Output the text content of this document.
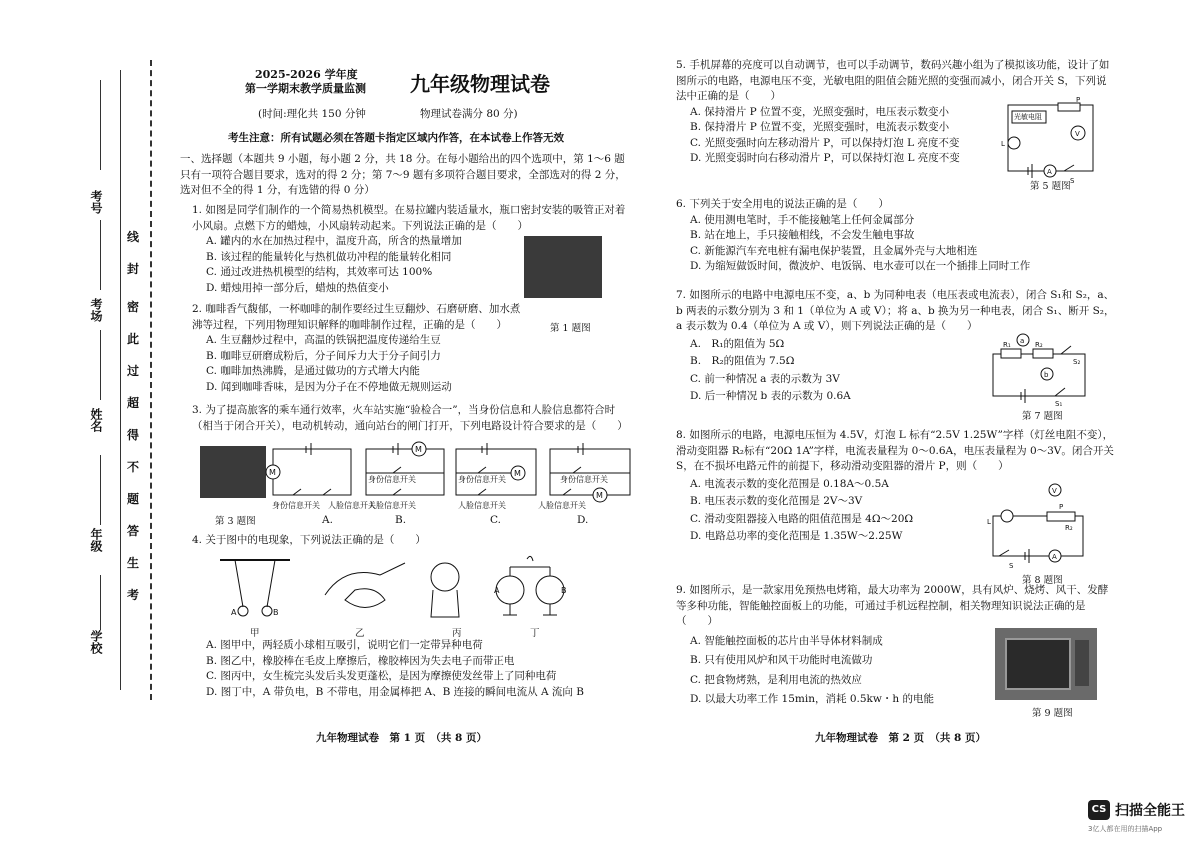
考号
考场
姓名
年级
学校
线
封
密
此
过
超
得
不
题
答
生
考
2025-2026 学年度
第一学期末教学质量监测 九年级物理试卷
(时间:理化共 150 分钟	物理试卷满分 80 分)
考生注意：所有试题必须在答题卡指定区域内作答，在本试卷上作答无效
一、选择题（本题共 9 小题，每小题 2 分，共 18 分。在每小题给出的四个选项中，第 1～6 题只有一项符合题目要求，选对的得 2 分；第 7～9 题有多项符合题目要求，全部选对的得 2 分，选对但不全的得 1 分，有选错的得 0 分）
1. 如图是同学们制作的一个简易热机模型。在易拉罐内装适量水，瓶口密封安装的吸管正对着小风扇。点燃下方的蜡烛，小风扇转动起来。下列说法正确的是（　　）
A. 罐内的水在加热过程中，温度升高，所含的热量增加
B. 该过程的能量转化与热机做功冲程的能量转化相同
C. 通过改进热机模型的结构，其效率可达 100%
D. 蜡烛用掉一部分后，蜡烛的热值变小
第 1 题图
2. 咖啡香气馥郁，一杯咖啡的制作要经过生豆翻炒、石磨研磨、加水煮沸等过程，下列用物理知识解释的咖啡制作过程，正确的是（　　）
A. 生豆翻炒过程中，高温的铁锅把温度传递给生豆
B. 咖啡豆研磨成粉后，分子间斥力大于分子间引力
C. 咖啡加热沸腾，是通过做功的方式增大内能
D. 闻到咖啡香味，是因为分子在不停地做无规则运动
3. 为了提高旅客的乘车通行效率，火车站实施“验检合一”，当身份信息和人脸信息都符合时（相当于闭合开关），电动机转动，通向站台的闸门打开，下列电路设计符合要求的是（　　）
第 3 题图
M
M
M
M
身份信息开关 人脸信息开关
身份信息开关
人脸信息开关
身份信息开关
人脸信息开关
身份信息开关
人脸信息开关
A.	B.	C.	D.
4. 关于图中的电现象，下列说法正确的是（　　）
A	B
A	B
甲	乙	丙	丁
A. 图甲中，两轻质小球相互吸引，说明它们一定带异种电荷
B. 图乙中，橡胶棒在毛皮上摩擦后，橡胶棒因为失去电子而带正电
C. 图丙中，女生梳完头发后头发更蓬松，是因为摩擦使发丝带上了同种电荷
D. 图丁中，A 带负电，B 不带电，用金属棒把 A、B 连接的瞬间电流从 A 流向 B
九年物理试卷　第 1 页　（共 8 页）
5. 手机屏幕的亮度可以自动调节，也可以手动调节，数码兴趣小组为了模拟该功能，设计了如图所示的电路，电源电压不变，光敏电阻的阻值会随光照的变强而减小，闭合开关 S，下列说法中正确的是（　　）
A. 保持滑片 P 位置不变，光照变强时，电压表示数变小
B. 保持滑片 P 位置不变，光照变强时，电流表示数变小
C. 光照变强时向左移动滑片 P，可以保持灯泡 L 亮度不变
D. 光照变弱时向右移动滑片 P，可以保持灯泡 L 亮度不变
V
A
L
P
S
光敏电阻
第 5 题图
6. 下列关于安全用电的说法正确的是（　　）
A. 使用测电笔时，手不能接触笔上任何金属部分
B. 站在地上，手只接触相线，不会发生触电事故
C. 新能源汽车充电桩有漏电保护装置，且金属外壳与大地相连
D. 为缩短做饭时间，微波炉、电饭锅、电水壶可以在一个插排上同时工作
7. 如图所示的电路中电源电压不变，a、b 为同种电表（电压表或电流表），闭合 S₁和 S₂，a、b 两表的示数分别为 3 和 1（单位为 A 或 V）；将 a、b 换为另一种电表，闭合 S₁、断开 S₂，a 表示数为 0.4（单位为 A 或 V），则下列说法正确的是（　　）
A.　R₁的阻值为 5Ω
B.　R₂的阻值为 7.5Ω
C. 前一种情况 a 表的示数为 3V
D. 后一种情况 b 表的示数为 0.6A
a
b
R₁	R₂
S₂
S₁
第 7 题图
8. 如图所示的电路，电源电压恒为 4.5V，灯泡 L 标有“2.5V 1.25W”字样（灯丝电阻不变），滑动变阻器 R₂标有“20Ω 1A”字样，电流表量程为 0～0.6A，电压表量程为 0～3V。闭合开关 S，在不损坏电路元件的前提下，移动滑动变阻器的滑片 P，则（　　）
A. 电流表示数的变化范围是 0.18A～0.5A
B. 电压表示数的变化范围是 2V～3V
C. 滑动变阻器接入电路的阻值范围是 4Ω～20Ω
D. 电路总功率的变化范围是 1.35W～2.25W
V
A
L
P
R₂
S
第 8 题图
9. 如图所示，是一款家用免预热电烤箱，最大功率为 2000W，具有风炉、烧烤、风干、发酵等多种功能，智能触控面板上的功能，可通过手机远程控制，相关物理知识说法正确的是（　　）
A. 智能触控面板的芯片由半导体材料制成
B. 只有使用风炉和风干功能时电流做功
C. 把食物烤熟，是利用电流的热效应
D. 以最大功率工作 15min，消耗 0.5kw・h 的电能
第 9 题图
九年物理试卷　第 2 页　（共 8 页）
CS 扫描全能王
3亿人都在用的扫描App
